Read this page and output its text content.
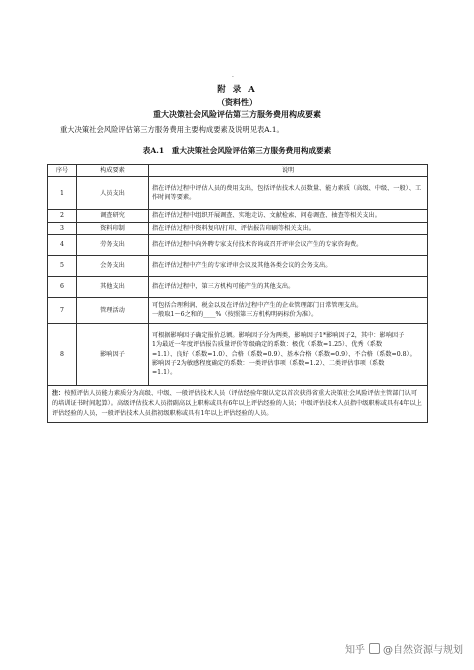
·
附 录 A
（资料性）
重大决策社会风险评估第三方服务费用构成要素
重大决策社会风险评估第三方服务费用主要构成要素及说明见表A.1。
表A.1　重大决策社会风险评估第三方服务费用构成要素
序号	构成要素	说明
1	人员支出	指在评估过程中评估人员的费用支出，包括评估技术人员数量、能力素质（高级、中级、一般）、工作时间等要素。
2	调查研究	指在评估过程中组织开展调查、实地走访、文献检索、问卷调查、抽查等相关支出。
3	资料印制	指在评估过程中资料复印/打印、评估报告印刷等相关支出。
4	劳务支出	指在评估过程中向外聘专家支付技术咨询或召开评审会议产生的专家咨询费。
5	会务支出	指在评估过程中产生的专家评审会议及其他各类会议的会务支出。
6	其他支出	指在评估过程中，第三方机构可能产生的其他支出。
7	管理活动	可包括合理利润、税金以及在评估过程中产生的企业管理部门日常管理支出。
一般取1～6之和的____%（按照第三方机构明码标价为准）。

8	影响因子	可根据影响因子确定报价总额。影响因子分为两类，影响因子1*影响因子2，其中：影响因子
1为最近一年度评估报告质量评价等级确定的系数：极优（系数=1.25）、优秀（系数
=1.1）、良好（系数=1.0）、合格（系数=0.9）、基本合格（系数=0.9）、不合格（系数=0.8）。
影响因子2为敏感程度确定的系数：一类评估事项（系数=1.2）、二类评估事项（系数
=1.1）。

注：按照评估人员能力素质分为高级、中级、一般评估技术人员（评估经验年限认定以首次获得省重大决策社会风险评估主管部门认可的培训证书时间起算）。高级评估技术人员指副高以上职称或具有6年以上评估经验的人员；中级评估技术人员指中级职称或具有4年以上评估经验的人员，一般评估技术人员指初级职称或具有1年以上评估经验的人员。		
知乎 @自然资源与规划
